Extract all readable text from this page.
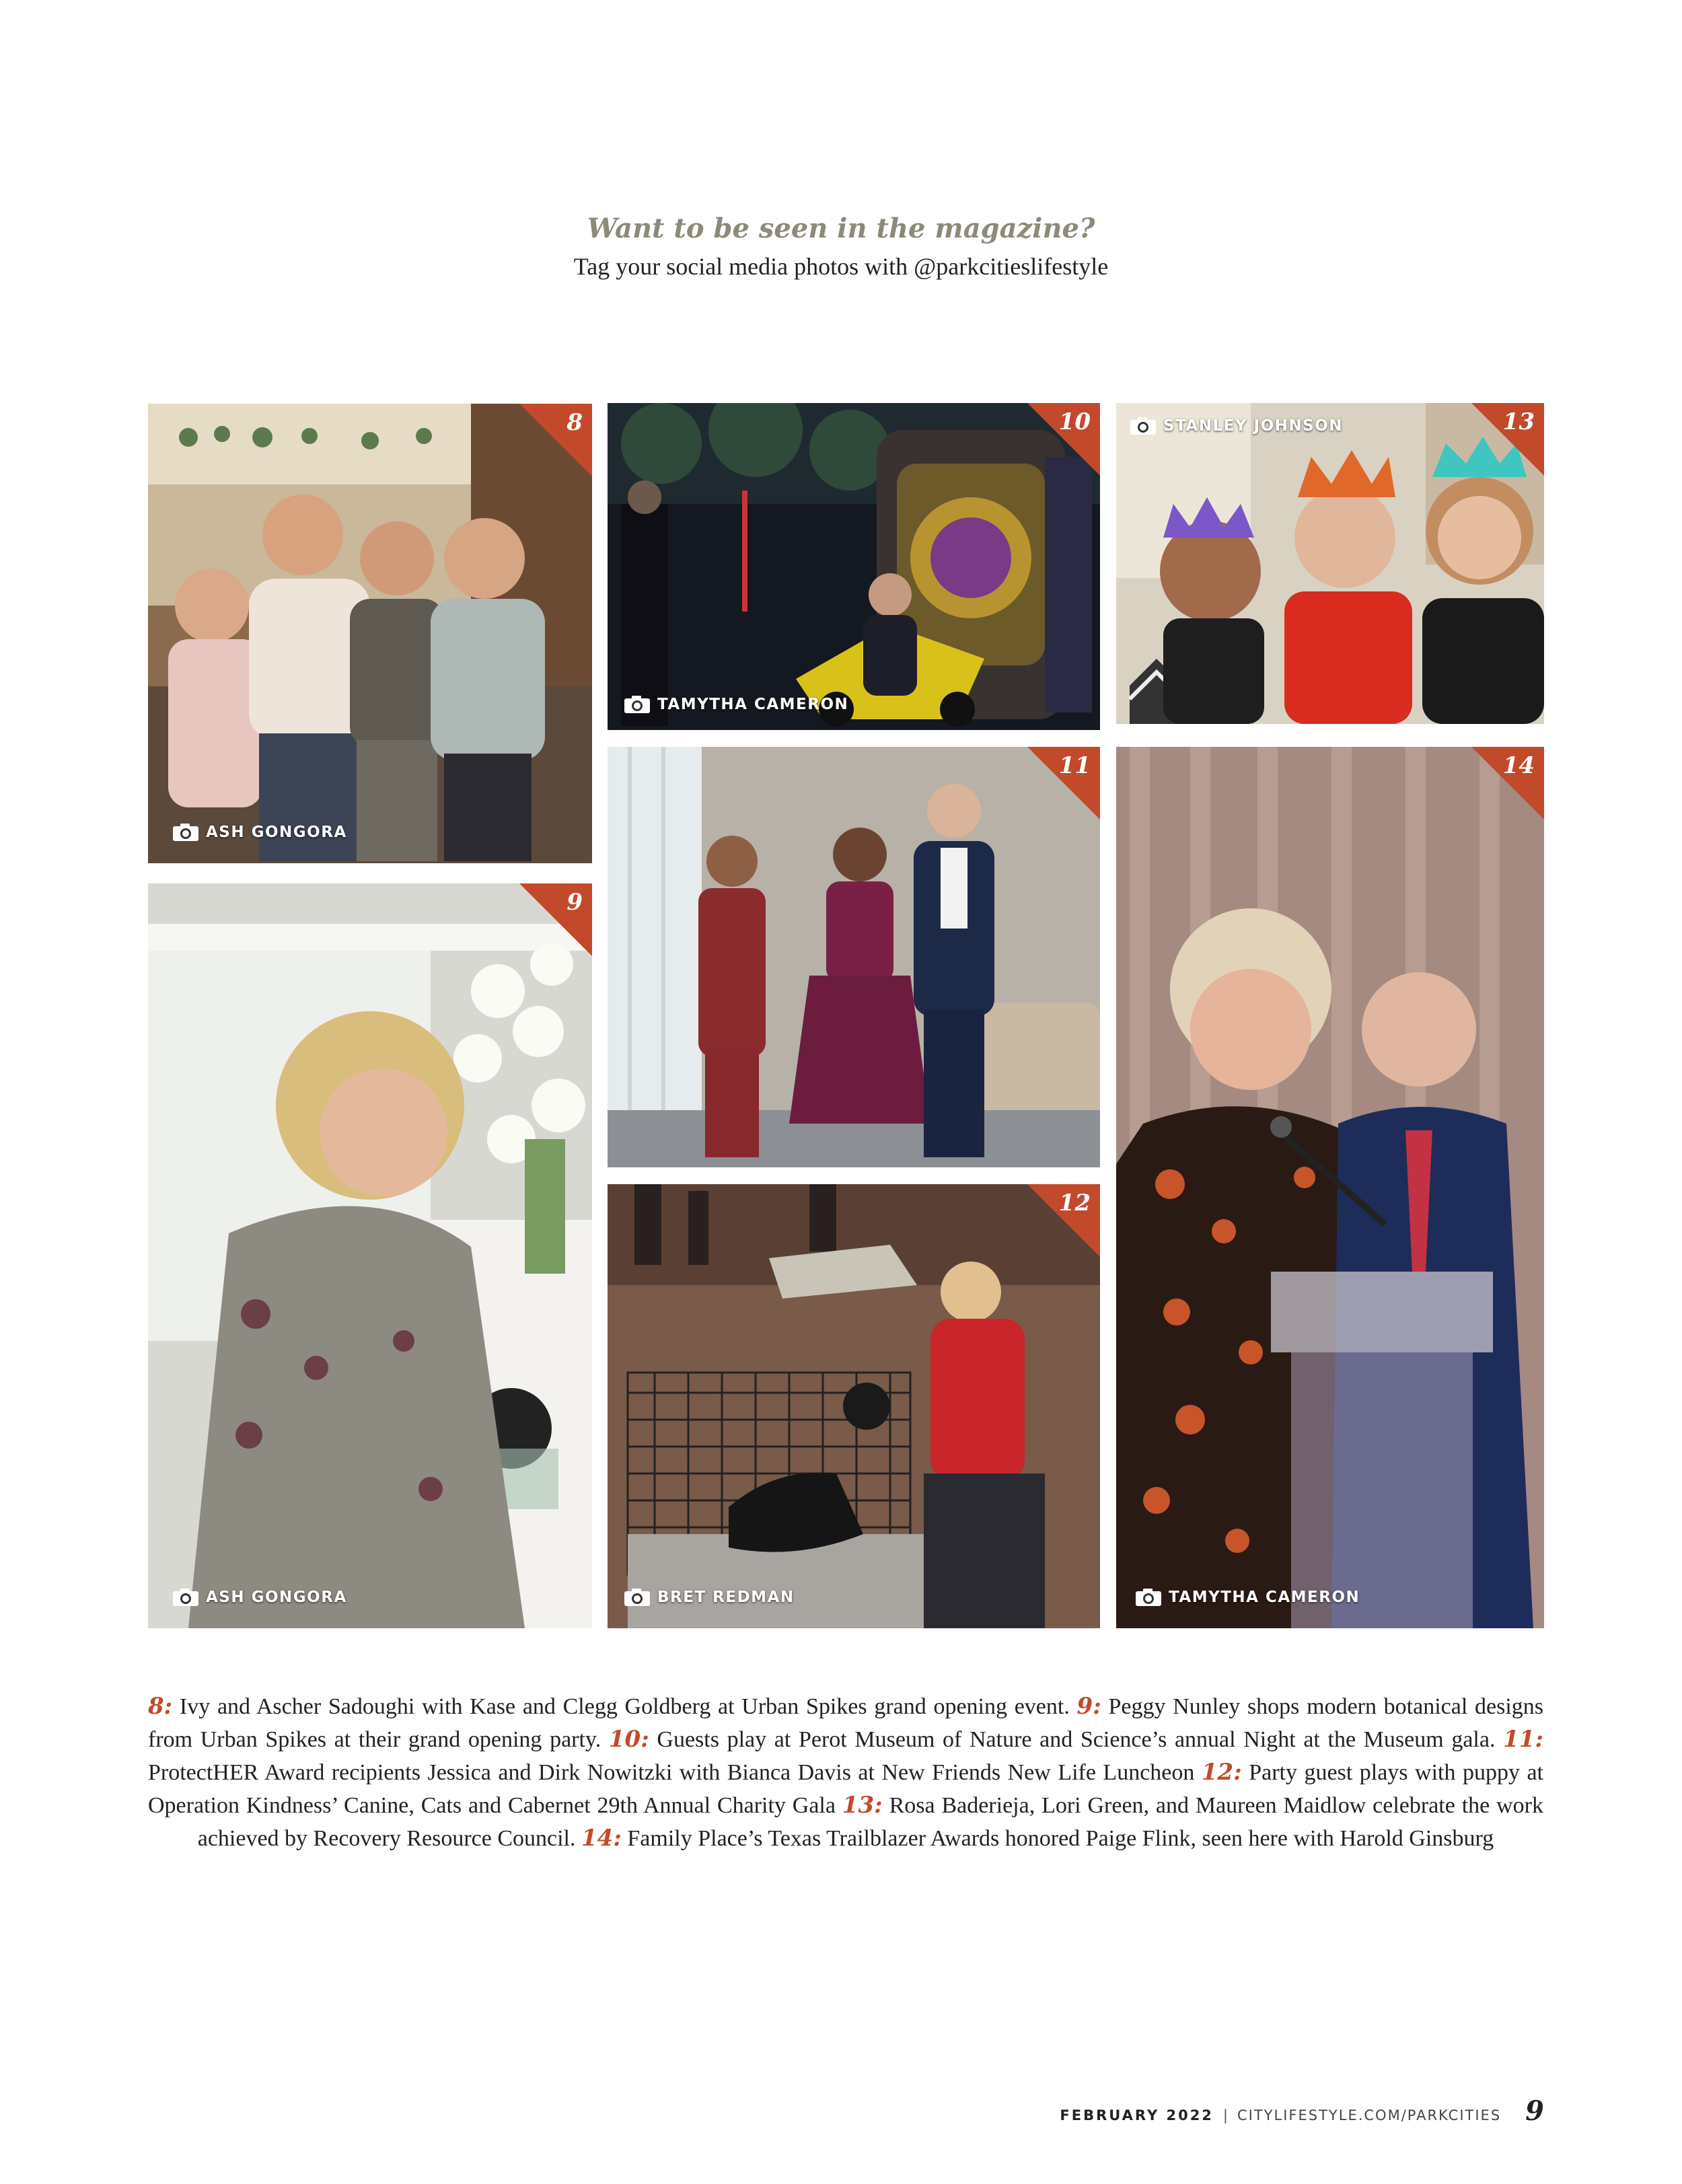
Want to be seen in the magazine?
Tag your social media photos with @parkcitieslifestyle
8
ASH GONGORA
9
ASH GONGORA
10
TAMYTHA CAMERON
11
12
BRET REDMAN
13
STANLEY JOHNSON
14
TAMYTHA CAMERON
8: Ivy and Ascher Sadoughi with Kase and Clegg Goldberg at Urban Spikes grand opening event. 9: Peggy Nunley shops modern botanical designs from Urban Spikes at their grand opening party. 10: Guests play at Perot Museum of Nature and Science’s annual Night at the Museum gala. 11: ProtectHER Award recipients Jessica and Dirk Nowitzki with Bianca Davis at New Friends New Life Luncheon 12: Party guest plays with puppy at Operation Kindness’ Canine, Cats and Cabernet 29th Annual Charity Gala 13: Rosa Baderieja, Lori Green, and Maureen Maidlow celebrate the work achieved by Recovery Resource Council. 14: Family Place’s Texas Trailblazer Awards honored Paige Flink, seen here with Harold Ginsburg
FEBRUARY 2022 | CITYLIFESTYLE.COM/PARKCITIES 9
